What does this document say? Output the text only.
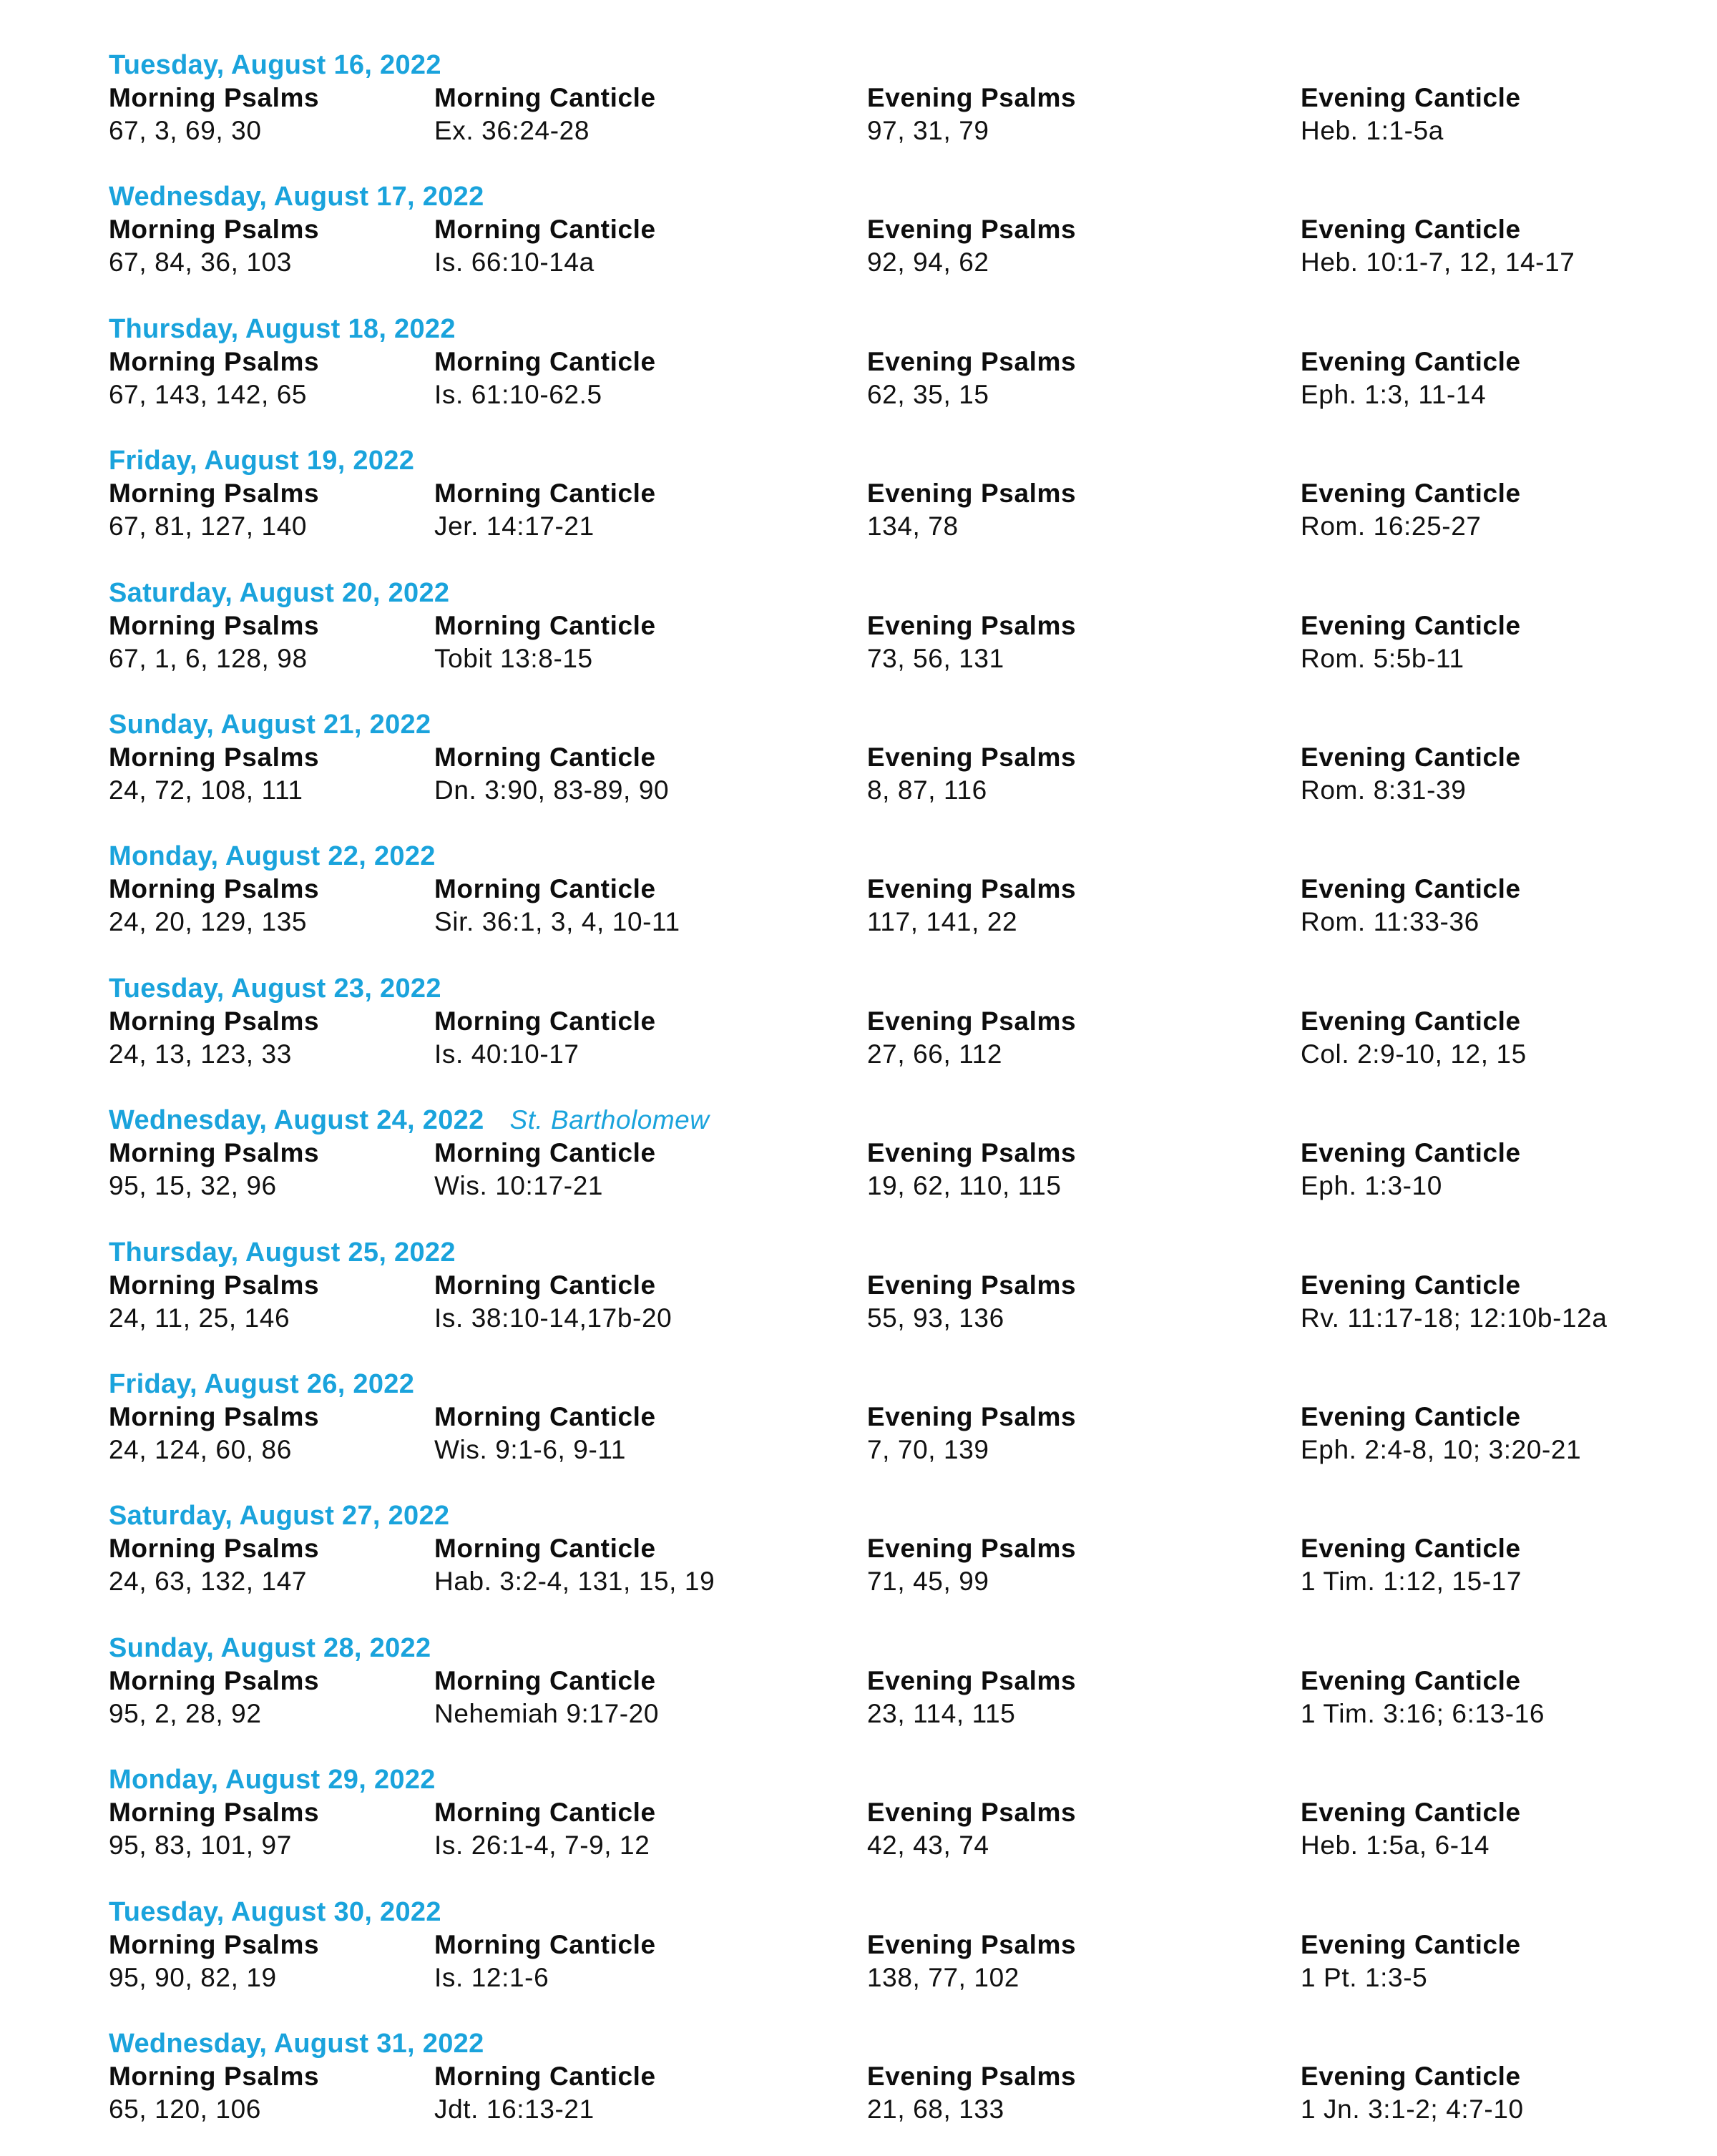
Tuesday, August 16, 2022
Morning Psalms
67, 3, 69, 30
Morning Canticle
Ex. 36:24-28
Evening Psalms
97, 31, 79
Evening Canticle
Heb. 1:1-5a
Wednesday, August 17, 2022
Morning Psalms
67, 84, 36, 103
Morning Canticle
Is. 66:10-14a
Evening Psalms
92, 94, 62
Evening Canticle
Heb. 10:1-7, 12, 14-17
Thursday, August 18, 2022
Morning Psalms
67, 143, 142, 65
Morning Canticle
Is. 61:10-62.5
Evening Psalms
62, 35, 15
Evening Canticle
Eph. 1:3, 11-14
Friday, August 19, 2022
Morning Psalms
67, 81, 127, 140
Morning Canticle
Jer. 14:17-21
Evening Psalms
134, 78
Evening Canticle
Rom. 16:25-27
Saturday, August 20, 2022
Morning Psalms
67, 1, 6, 128, 98
Morning Canticle
Tobit 13:8-15
Evening Psalms
73, 56, 131
Evening Canticle
Rom. 5:5b-11
Sunday, August 21, 2022
Morning Psalms
24, 72, 108, 111
Morning Canticle
Dn. 3:90, 83-89, 90
Evening Psalms
8, 87, 116
Evening Canticle
Rom. 8:31-39
Monday, August 22, 2022
Morning Psalms
24, 20, 129, 135
Morning Canticle
Sir. 36:1, 3, 4, 10-11
Evening Psalms
117, 141, 22
Evening Canticle
Rom. 11:33-36
Tuesday, August 23, 2022
Morning Psalms
24, 13, 123, 33
Morning Canticle
Is. 40:10-17
Evening Psalms
27, 66, 112
Evening Canticle
Col. 2:9-10, 12, 15
Wednesday, August 24, 2022 St. Bartholomew
Morning Psalms
95, 15, 32, 96
Morning Canticle
Wis. 10:17-21
Evening Psalms
19, 62, 110, 115
Evening Canticle
Eph. 1:3-10
Thursday, August 25, 2022
Morning Psalms
24, 11, 25, 146
Morning Canticle
Is. 38:10-14,17b-20
Evening Psalms
55, 93, 136
Evening Canticle
Rv. 11:17-18; 12:10b-12a
Friday, August 26, 2022
Morning Psalms
24, 124, 60, 86
Morning Canticle
Wis. 9:1-6, 9-11
Evening Psalms
7, 70, 139
Evening Canticle
Eph. 2:4-8, 10; 3:20-21
Saturday, August 27, 2022
Morning Psalms
24, 63, 132, 147
Morning Canticle
Hab. 3:2-4, 131, 15, 19
Evening Psalms
71, 45, 99
Evening Canticle
1 Tim. 1:12, 15-17
Sunday, August 28, 2022
Morning Psalms
95, 2, 28, 92
Morning Canticle
Nehemiah 9:17-20
Evening Psalms
23, 114, 115
Evening Canticle
1 Tim. 3:16; 6:13-16
Monday, August 29, 2022
Morning Psalms
95, 83, 101, 97
Morning Canticle
Is. 26:1-4, 7-9, 12
Evening Psalms
42, 43, 74
Evening Canticle
Heb. 1:5a, 6-14
Tuesday, August 30, 2022
Morning Psalms
95, 90, 82, 19
Morning Canticle
Is. 12:1-6
Evening Psalms
138, 77, 102
Evening Canticle
1 Pt. 1:3-5
Wednesday, August 31, 2022
Morning Psalms
65, 120, 106
Morning Canticle
Jdt. 16:13-21
Evening Psalms
21, 68, 133
Evening Canticle
1 Jn. 3:1-2; 4:7-10
